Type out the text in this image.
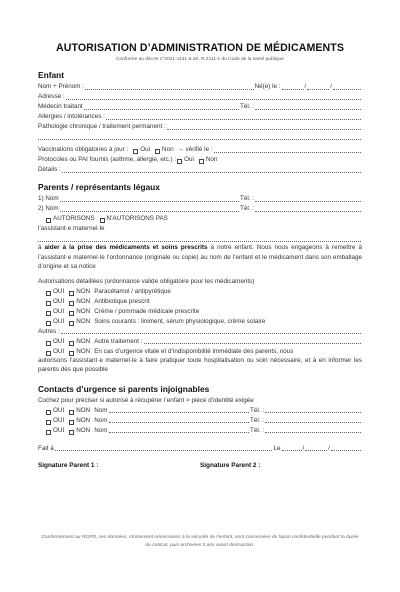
AUTORISATION D’ADMINISTRATION DE MÉDICAMENTS
Conforme au décret n°2021-1131 & art. R.2111-1 du Code de la santé publique
Enfant
Nom + Prénom :	Né(e) le :	/	/
Adresse :
Médecin traitant	Tél. :
Allergies / intolérances :
Pathologie chronique / traitement permanent :
Vaccinations obligatoires à jour : Oui Non → vérifié le :
Protocoles ou PAI fournis (asthme, allergie, etc.) : Oui Non
Détails :
Parents / représentants légaux
1) Nom	Tél. :
2) Nom	Tél. :
AUTORISONS N’AUTORISONS PAS
l’assistant·e maternel·le
à aider à la prise des médicaments et soins prescrits à notre enfant. Nous nous engageons à remettre à l’assistant·e maternel·le l’ordonnance (originale ou copie) au nom de l’enfant et le médicament dans son emballage d’origine et sa notice
Autorisations détaillées (ordonnance valide obligatoire pour les médicaments)
OUI NON Paracétamol / antipyrétique
OUI NON Antibiotique prescrit
OUI NON Crème / pommade médicale prescrite
OUI NON Soins courants : liniment, sérum physiologique, crème solaire
Autres :
OUI NON Autre traitement :
OUI NON En cas d’urgence vitale et d’indisponibilité immédiate des parents, nous
autorisons l’assistant·e maternel·le à faire pratiquer toute hospitalisation ou soin nécessaire, et à en informer les parents dès que possible
Contacts d’urgence si parents injoignables
Cochez pour préciser si autorisé à récupérer l’enfant > pièce d’identité exigée
OUI NON Nom	Tél. :
OUI NON Nom	Tél. :
OUI NON Nom	Tél. :
Fait à	Le	/	/
Signature Parent 1 :	Signature Parent 2 :
Conformément au RGPD, ces données, strictement nécessaires à la sécurité de l’enfant, sont conservées de façon confidentielle pendant la durée du contrat, puis archivées 5 ans avant destruction.
